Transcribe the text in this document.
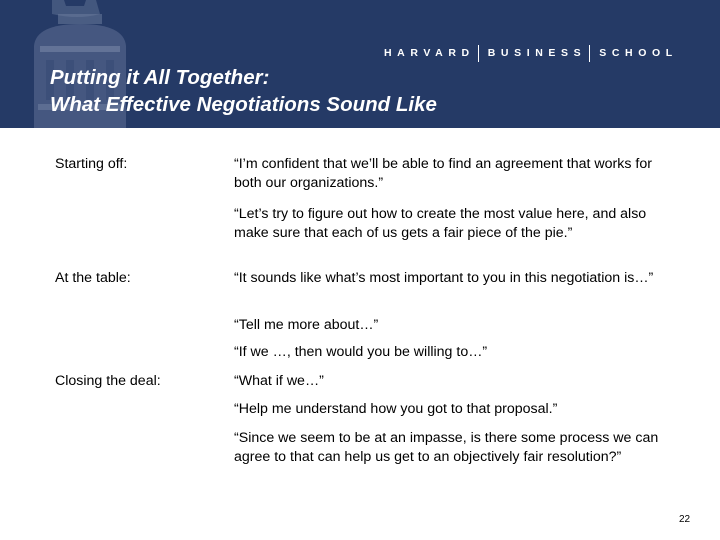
HARVARD BUSINESS SCHOOL
Putting it All Together:
What Effective Negotiations Sound Like
Starting off:	“I’m confident that we’ll be able to find an agreement that works for both our organizations.”
“Let’s try to figure out how to create the most value here, and also make sure that each of us gets a fair piece of the pie.”
At the table:	“It sounds like what’s most important to you in this negotiation is…”
“Tell me more about…”
“If we …, then would you be willing to…”
Closing the deal:	“What if we…”
“Help me understand how you got to that proposal.”
“Since we seem to be at an impasse, is there some process we can agree to that can help us get to an objectively fair resolution?”
22
